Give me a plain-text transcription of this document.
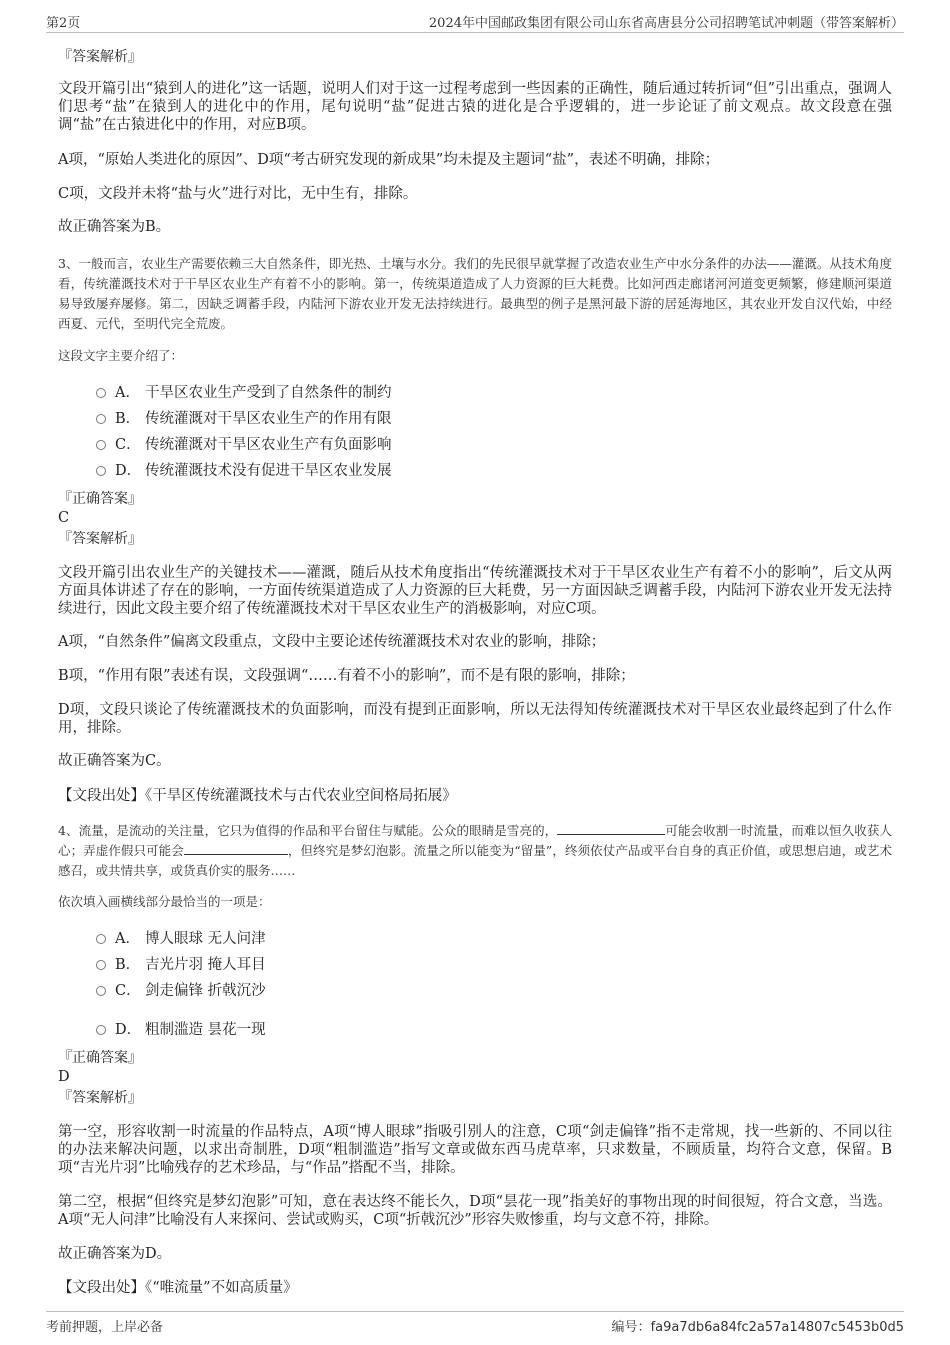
第2页	2024年中国邮政集团有限公司山东省高唐县分公司招聘笔试冲刺题（带答案解析）
『答案解析』

文段开篇引出“猿到人的进化”这一话题，说明人们对于这一过程考虑到一些因素的正确性，随后通过转折词“但”引出重点，强调人们思考“盐”在猿到人的进化中的作用，尾句说明“盐”促进古猿的进化是合乎逻辑的，进一步论证了前文观点。故文段意在强调“盐”在古猿进化中的作用，对应B项。

A项，“原始人类进化的原因”、D项“考古研究发现的新成果”均未提及主题词“盐”，表述不明确，排除；

C项，文段并未将“盐与火”进行对比，无中生有，排除。

故正确答案为B。

3、一般而言，农业生产需要依赖三大自然条件，即光热、土壤与水分。我们的先民很早就掌握了改造农业生产中水分条件的办法——灌溉。从技术角度看，传统灌溉技术对于干旱区农业生产有着不小的影响。第一，传统渠道造成了人力资源的巨大耗费。比如河西走廊诸河河道变更频繁，修建顺河渠道易导致屡弃屡修。第二，因缺乏调蓄手段，内陆河下游农业开发无法持续进行。最典型的例子是黑河最下游的居延海地区，其农业开发自汉代始，中经西夏、元代，至明代完全荒废。

这段文字主要介绍了：

A． 干旱区农业生产受到了自然条件的制约
B． 传统灌溉对干旱区农业生产的作用有限
C． 传统灌溉对干旱区农业生产有负面影响
D． 传统灌溉技术没有促进干旱区农业发展
『正确答案』
C
『答案解析』

文段开篇引出农业生产的关键技术——灌溉，随后从技术角度指出“传统灌溉技术对于干旱区农业生产有着不小的影响”，后文从两方面具体讲述了存在的影响，一方面传统渠道造成了人力资源的巨大耗费，另一方面因缺乏调蓄手段，内陆河下游农业开发无法持续进行，因此文段主要介绍了传统灌溉技术对干旱区农业生产的消极影响，对应C项。

A项，“自然条件”偏离文段重点，文段中主要论述传统灌溉技术对农业的影响，排除；

B项，“作用有限”表述有误，文段强调“……有着不小的影响”，而不是有限的影响，排除；

D项，文段只谈论了传统灌溉技术的负面影响，而没有提到正面影响，所以无法得知传统灌溉技术对干旱区农业最终起到了什么作用，排除。

故正确答案为C。

【文段出处】《干旱区传统灌溉技术与古代农业空间格局拓展》

4、流量，是流动的关注量，它只为值得的作品和平台留住与赋能。公众的眼睛是雪亮的，	可能会收割一时流量，而难以恒久收获人心；弄虚作假只可能会	，但终究是梦幻泡影。流量之所以能变为“留量”，终须依仗产品或平台自身的真正价值，或思想启迪，或艺术感召，或共情共享，或货真价实的服务……

依次填入画横线部分最恰当的一项是：

A． 博人眼球 无人问津
B． 吉光片羽 掩人耳目
C． 剑走偏锋 折戟沉沙
D． 粗制滥造 昙花一现
『正确答案』
D
『答案解析』

第一空，形容收割一时流量的作品特点，A项“博人眼球”指吸引别人的注意，C项“剑走偏锋”指不走常规，找一些新的、不同以往的办法来解决问题，以求出奇制胜，D项“粗制滥造”指写文章或做东西马虎草率，只求数量，不顾质量，均符合文意，保留。B项“吉光片羽”比喻残存的艺术珍品，与“作品”搭配不当，排除。

第二空，根据“但终究是梦幻泡影”可知，意在表达终不能长久，D项“昙花一现”指美好的事物出现的时间很短，符合文意，当选。A项“无人问津”比喻没有人来探问、尝试或购买，C项“折戟沉沙”形容失败惨重，均与文意不符，排除。

故正确答案为D。

【文段出处】《“唯流量”不如高质量》

考前押题，上岸必备	编号：fa9a7db6a84fc2a57a14807c5453b0d5
